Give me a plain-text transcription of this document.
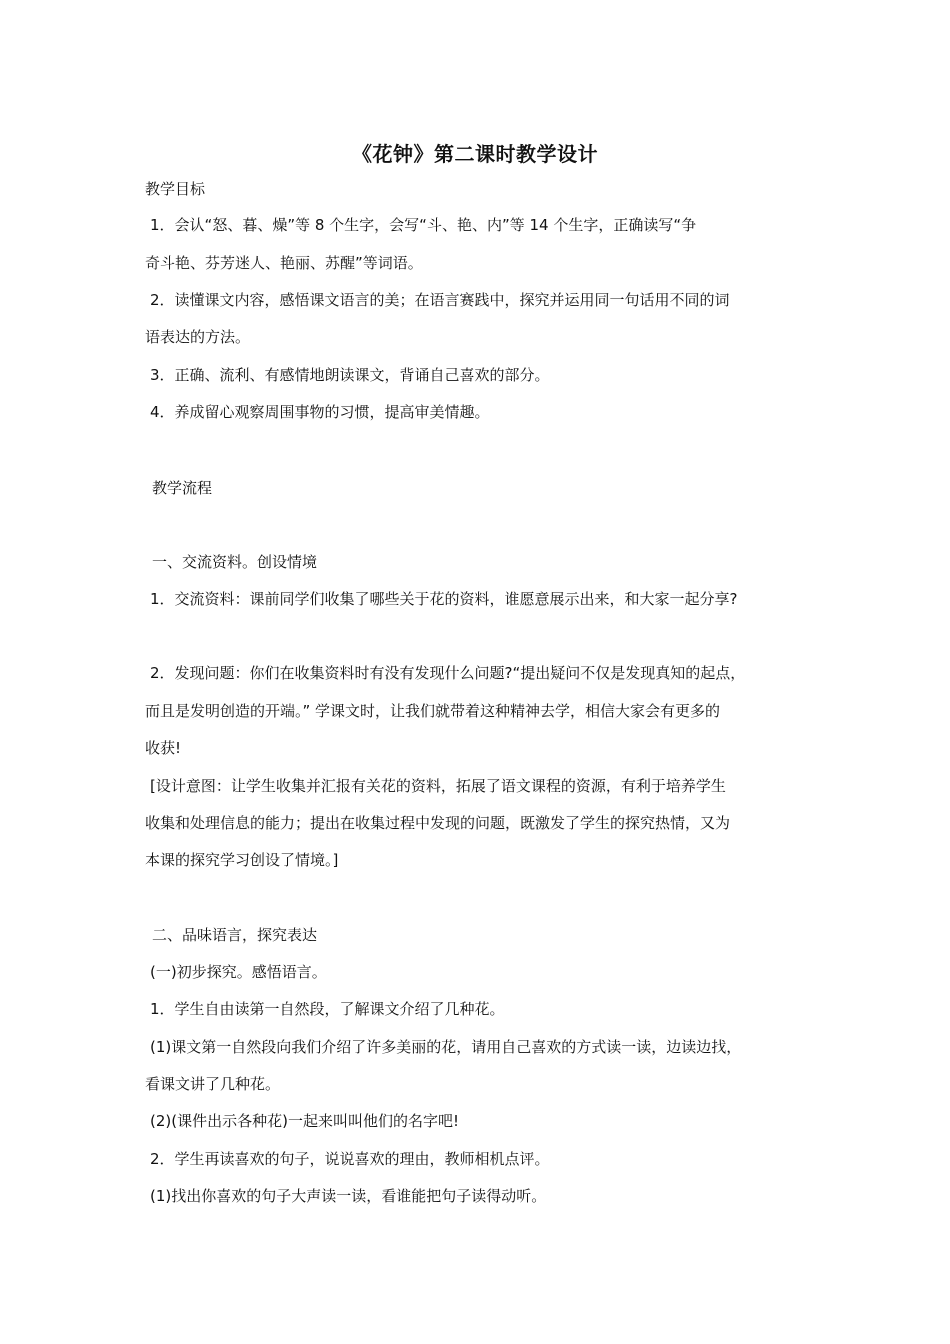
《花钟》第二课时教学设计
教学目标
1．会认“怒、暮、燥”等 8 个生字，会写“斗、艳、内”等 14 个生字，正确读写“争
奇斗艳、芬芳迷人、艳丽、苏醒”等词语。
2．读懂课文内容，感悟课文语言的美；在语言赛践中，探究并运用同一句话用不同的词
语表达的方法。
3．正确、流利、有感情地朗读课文，背诵自己喜欢的部分。
4．养成留心观察周围事物的习惯，提高审美情趣。
教学流程
一、交流资料。创设情境
1．交流资料：课前同学们收集了哪些关于花的资料，谁愿意展示出来，和大家一起分享?
2．发现问题：你们在收集资料时有没有发现什么问题?“提出疑问不仅是发现真知的起点，
而且是发明创造的开端。” 学课文时，让我们就带着这种精神去学，相信大家会有更多的
收获!
[设计意图：让学生收集并汇报有关花的资料，拓展了语文课程的资源，有利于培养学生
收集和处理信息的能力；提出在收集过程中发现的问题，既激发了学生的探究热情，又为
本课的探究学习创设了情境。]
二、品味语言，探究表达
(一)初步探究。感悟语言。
1．学生自由读第一自然段，了解课文介绍了几种花。
(1)课文第一自然段向我们介绍了许多美丽的花，请用自己喜欢的方式读一读，边读边找，
看课文讲了几种花。
(2)(课件出示各种花)一起来叫叫他们的名字吧!
2．学生再读喜欢的句子，说说喜欢的理由，教师相机点评。
(1)找出你喜欢的句子大声读一读，看谁能把句子读得动听。
